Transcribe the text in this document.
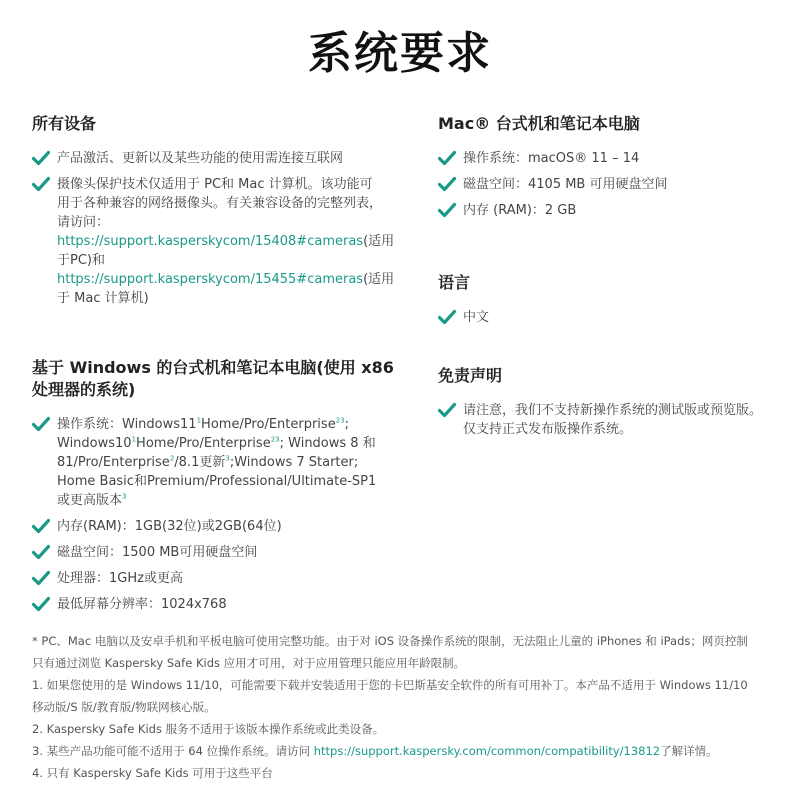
系统要求
所有设备
产品激活、更新以及某些功能的使用需连接互联网
摄像头保护技术仅适用于 PC和 Mac 计算机。该功能可
用于各种兼容的网络摄像头。有关兼容设备的完整列表，
请访问：
https://support.kasperskycom/15408#cameras(适用
于PC)和
https://support.kasperskycom/15455#cameras(适用
于 Mac 计算机)
基于 Windows 的台式机和笔记本电脑(使用 x86
处理器的系统)
操作系统：Windows11$^1$Home/Pro/Enterprise$^{23}$;
Windows10$^1$Home/Pro/Enterprise$^{23}$; Windows 8 和
81/Pro/Enterprise$^2$/8.1更新$^3$;Windows 7 Starter;
Home Basic和Premium/Professional/Ultimate-SP1
或更高版本$^3$
内存(RAM)：1GB(32位)或2GB(64位)
磁盘空间：1500 MB可用硬盘空间
处理器：1GHz或更高
最低屏幕分辨率：1024x768
Mac® 台式机和笔记本电脑
操作系统：macOS® 11 – 14
磁盘空间：4105 MB 可用硬盘空间
内存 (RAM)：2 GB
语言
中文
免责声明
请注意，我们不支持新操作系统的测试版或预览版。
仅支持正式发布版操作系统。

* PC、Mac 电脑以及安卓手机和平板电脑可使用完整功能。由于对 iOS 设备操作系统的限制，无法阻止儿童的 iPhones 和 iPads；网页控制

只有通过浏览 Kaspersky Safe Kids 应用才可用，对于应用管理只能应用年龄限制。

1. 如果您使用的是 Windows 11/10，可能需要下载并安装适用于您的卡巴斯基安全软件的所有可用补丁。本产品不适用于 Windows 11/10

移动版/S 版/教育版/物联网核心版。

2. Kaspersky Safe Kids 服务不适用于该版本操作系统或此类设备。

3. 某些产品功能可能不适用于 64 位操作系统。请访问 https://support.kaspersky.com/common/compatibility/13812了解详情。

4. 只有 Kaspersky Safe Kids 可用于这些平台
